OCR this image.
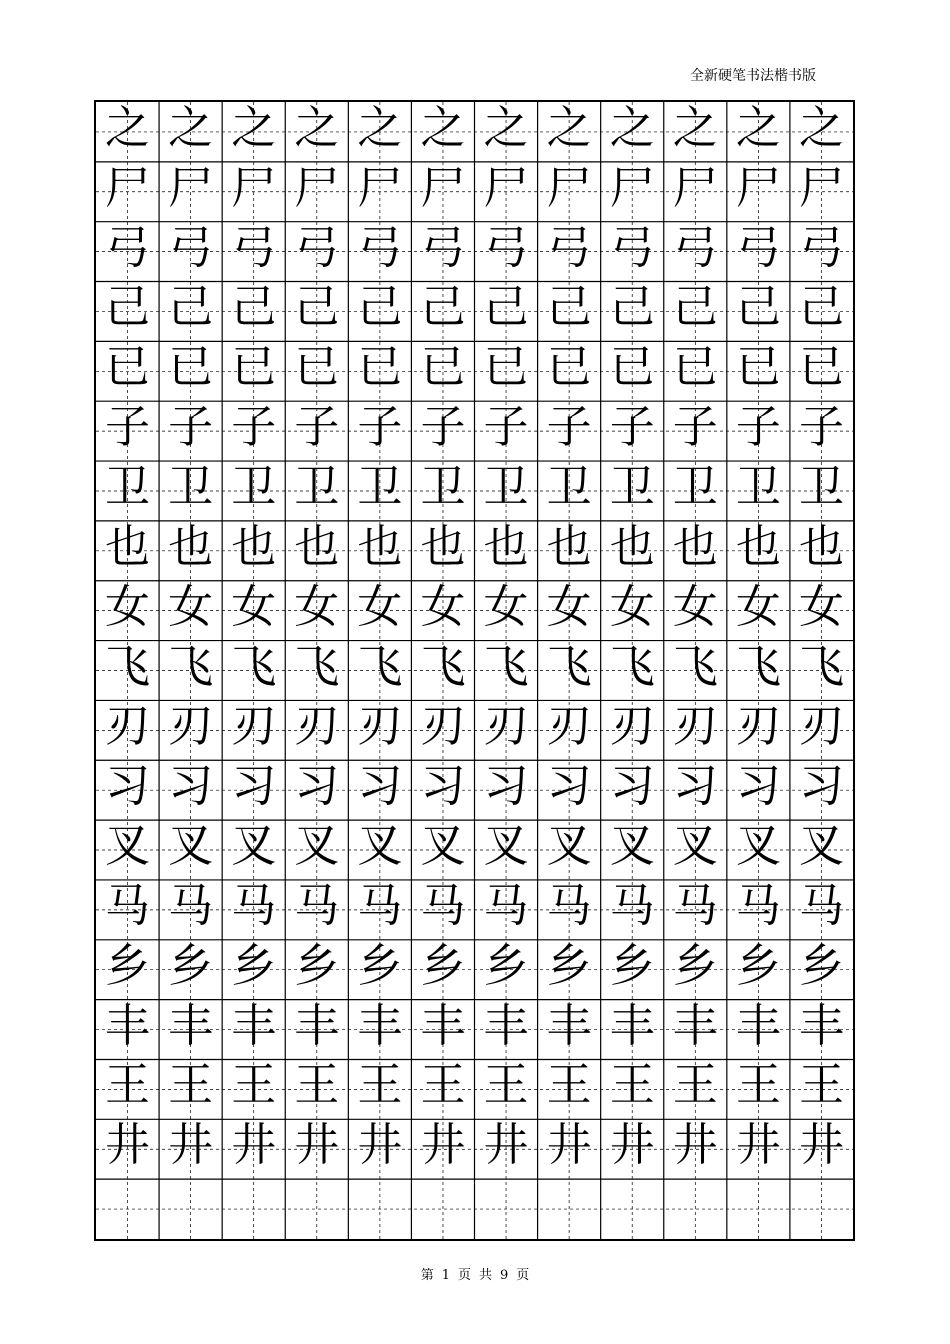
全新硬笔书法楷书版
之 之 之 之 之 之 之 之 之 之 之 之
尸 尸 尸 尸 尸 尸 尸 尸 尸 尸 尸 尸
弓 弓 弓 弓 弓 弓 弓 弓 弓 弓 弓 弓
己 己 己 己 己 己 己 己 己 己 己 己
已 已 已 已 已 已 已 已 已 已 已 已
子 子 子 子 子 子 子 子 子 子 子 子
卫 卫 卫 卫 卫 卫 卫 卫 卫 卫 卫 卫
也 也 也 也 也 也 也 也 也 也 也 也
女 女 女 女 女 女 女 女 女 女 女 女
飞 飞 飞 飞 飞 飞 飞 飞 飞 飞 飞 飞
刃 刃 刃 刃 刃 刃 刃 刃 刃 刃 刃 刃
习 习 习 习 习 习 习 习 习 习 习 习
叉 叉 叉 叉 叉 叉 叉 叉 叉 叉 叉 叉
马 马 马 马 马 马 马 马 马 马 马 马
乡 乡 乡 乡 乡 乡 乡 乡 乡 乡 乡 乡
丰 丰 丰 丰 丰 丰 丰 丰 丰 丰 丰 丰
王 王 王 王 王 王 王 王 王 王 王 王
井 井 井 井 井 井 井 井 井 井 井 井
第 1 页 共 9 页
